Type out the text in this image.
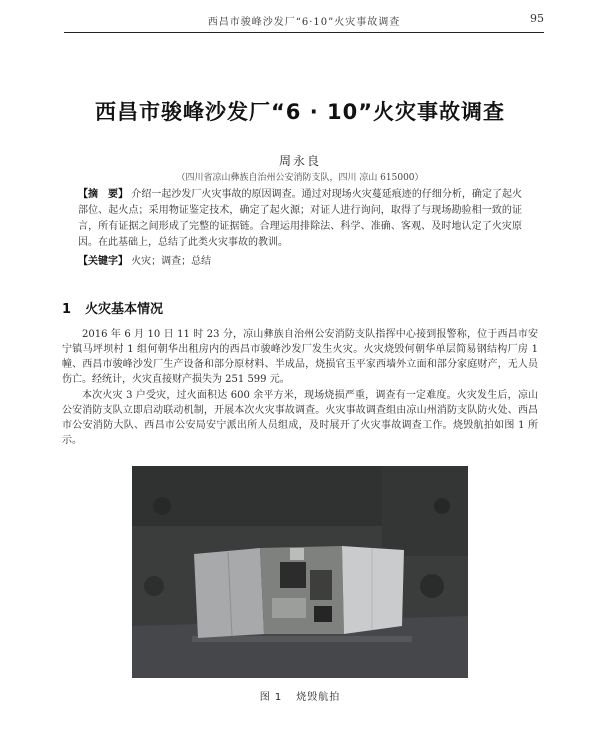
西昌市骏峰沙发厂“6·10”火灾事故调查	95
西昌市骏峰沙发厂“6 · 10”火灾事故调查
周永良
（四川省凉山彝族自治州公安消防支队，四川 凉山 615000）
【摘　要】 介绍一起沙发厂火灾事故的原因调查。通过对现场火灾蔓延痕迹的仔细分析，确定了起火部位、起火点；采用物证鉴定技术，确定了起火源；对证人进行询问，取得了与现场勘验相一致的证言，所有证据之间形成了完整的证据链。合理运用排除法、科学、准确、客观、及时地认定了火灾原因。在此基础上，总结了此类火灾事故的教训。
【关键字】 火灾；调查；总结
1 火灾基本情况

2016 年 6 月 10 日 11 时 23 分，凉山彝族自治州公安消防支队指挥中心接到报警称，位于西昌市安宁镇马坪坝村 1 组何朝华出租房内的西昌市骏峰沙发厂发生火灾。火灾烧毁何朝华单层简易钢结构厂房 1 幢、西昌市骏峰沙发厂生产设备和部分原材料、半成品，烧损官玉平家西墙外立面和部分家庭财产，无人员伤亡。经统计，火灾直接财产损失为 251 599 元。

本次火灾 3 户受灾，过火面积达 600 余平方米，现场烧损严重，调查有一定难度。火灾发生后，凉山公安消防支队立即启动联动机制，开展本次火灾事故调查。火灾事故调查组由凉山州消防支队防火处、西昌市公安消防大队、西昌市公安局安宁派出所人员组成，及时展开了火灾事故调查工作。烧毁航拍如图 1 所示。

图 1 烧毁航拍
